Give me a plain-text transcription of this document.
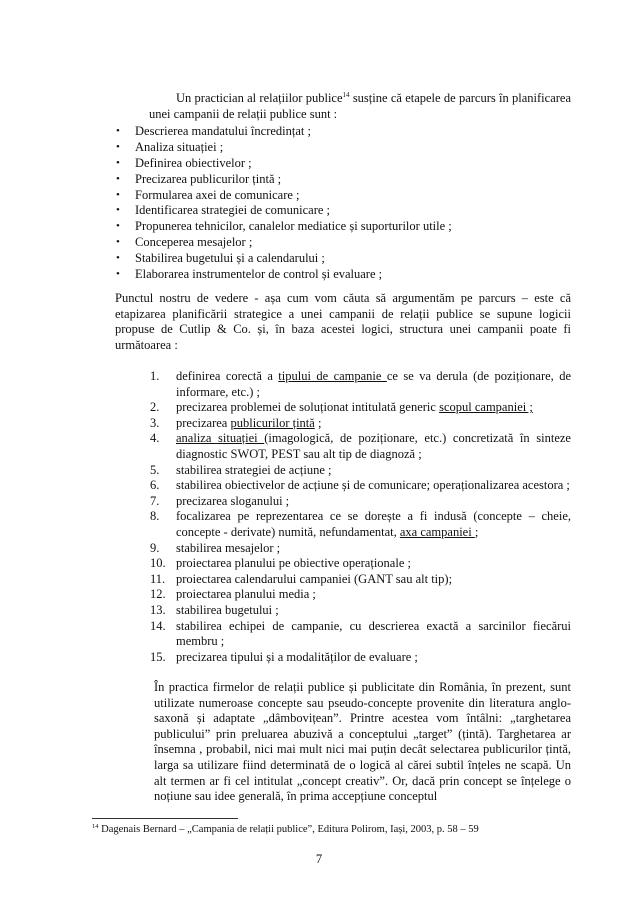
Un practician al relațiilor publice$^{14}$ susține că etapele de parcurs în planificarea unei campanii de relații publice sunt :

• Descrierea mandatului încredințat ;
• Analiza situației ;
• Definirea obiectivelor ;
• Precizarea publicurilor țintă ;
• Formularea axei de comunicare ;
• Identificarea strategiei de comunicare ;
• Propunerea tehnicilor, canalelor mediatice și suporturilor utile ;
• Conceperea mesajelor ;
• Stabilirea bugetului și a calendarului ;
• Elaborarea instrumentelor de control și evaluare ;
Punctul nostru de vedere - așa cum vom căuta să argumentăm pe parcurs – este că etapizarea planificării strategice a unei campanii de relații publice se supune logicii propuse de Cutlip & Co. și, în baza acestei logici, structura unei campanii poate fi următoarea :
1.	definirea corectă a tipului de campanie ce se va derula (de poziționare, de informare, etc.) ;
2.	precizarea problemei de soluționat intitulată generic scopul campaniei ;
3.	precizarea publicurilor țintă ;
4.	analiza situației (imagologică, de poziționare, etc.) concretizată în sinteze diagnostic SWOT, PEST sau alt tip de diagnoză ;
5.	stabilirea strategiei de acțiune ;
6.	stabilirea obiectivelor de acțiune și de comunicare; operaționalizarea acestora ;
7.	precizarea sloganului ;
8.	focalizarea pe reprezentarea ce se dorește a fi indusă (concepte – cheie, concepte - derivate) numită, nefundamentat, axa campaniei ;
9.	stabilirea mesajelor ;
10. proiectarea planului pe obiective operaționale ;
11. proiectarea calendarului campaniei (GANT sau alt tip);
12. proiectarea planului media ;
13. stabilirea bugetului ;
14. stabilirea echipei de campanie, cu descrierea exactă a sarcinilor fiecărui membru ;
15. precizarea tipului și a modalităților de evaluare ;
În practica firmelor de relații publice și publicitate din România, în prezent, sunt utilizate numeroase concepte sau pseudo-concepte provenite din literatura anglo-saxonă și adaptate „dâmbovițean”. Printre acestea vom întâlni: „targhetarea publicului” prin preluarea abuzivă a conceptului „target” (țintă). Targhetarea ar însemna , probabil, nici mai mult nici mai puțin decât selectarea publicurilor țintă, larga sa utilizare fiind determinată de o logică al cărei subtil înțeles ne scapă. Un alt termen ar fi cel intitulat „concept creativ”. Or, dacă prin concept se înțelege o noțiune sau idee generală, în prima accepțiune conceptul
$^{14}$ Dagenais Bernard – „Campania de relații publice”, Editura Polirom, Iași, 2003, p. 58 – 59
7
